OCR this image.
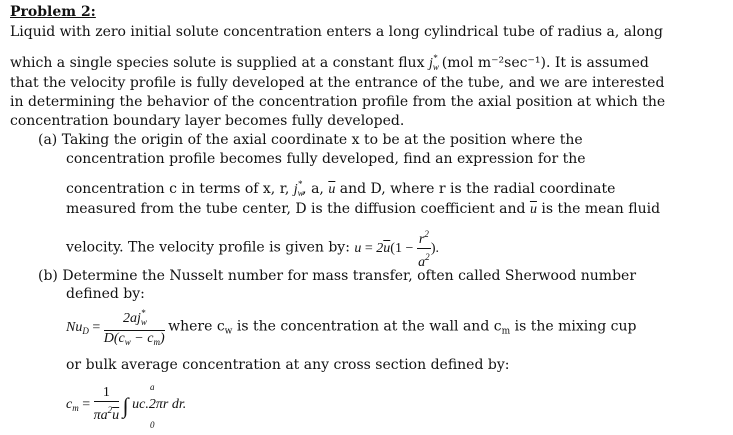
Problem 2:
Liquid with zero initial solute concentration enters a long cylindrical tube of radius a, along
which a single species solute is supplied at a constant flux $j_w^*$ (mol m⁻²sec⁻¹). It is assumed
that the velocity profile is fully developed at the entrance of the tube, and we are interested
in determining the behavior of the concentration profile from the axial position at which the
concentration boundary layer becomes fully developed.
(a) Taking the origin of the axial coordinate x to be at the position where the
concentration profile becomes fully developed, find an expression for the
concentration c in terms of x, r, $j_w^*$, a, $\overline{u}$ and D, where r is the radial coordinate
measured from the tube center, D is the diffusion coefficient and $\overline{u}$ is the mean fluid
velocity. The velocity profile is given by: $u = 2\overline{u}(1 - \frac{r^2}{a^2}$ ).
(b) Determine the Nusselt number for mass transfer, often called Sherwood number
defined by:
$Nu_D = \frac{2aj_w^*}{D(c_w - c_m)}$ where $c_w$ is the concentration at the wall and $c_m$ is the mixing cup
or bulk average concentration at any cross section defined by:
$c_m = \frac{1}{\pi a^2\overline{u}}$ ∫ uc.2πr dr.
a
0
